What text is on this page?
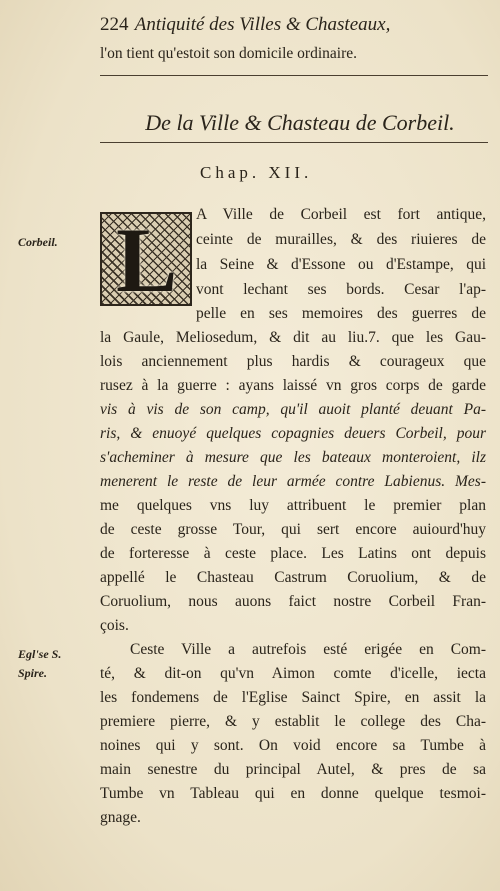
224 Antiquité des Villes & Chasteaux,
l'on tient qu'estoit son domicile ordinaire.
De la Ville & Chasteau de Corbeil.
Chap. XII.
L
Corbeil.
Egl'se S.
Spire.
A Ville de Corbeil est fort antique,
ceinte de murailles, & des riuieres de
la Seine & d'Essone ou d'Estampe, qui
vont lechant ses bords. Cesar l'ap-
pelle en ses memoires des guerres de
la Gaule, Meliosedum, & dit au liu.7. que les Gau-
lois anciennement plus hardis & courageux que
rusez à la guerre : ayans laissé vn gros corps de garde
vis à vis de son camp, qu'il auoit planté deuant Pa-
ris, & enuoyé quelques copagnies deuers Corbeil, pour
s'acheminer à mesure que les bateaux monteroient, ilz
menerent le reste de leur armée contre Labienus. Mes-
me quelques vns luy attribuent le premier plan
de ceste grosse Tour, qui sert encore auiourd'huy
de forteresse à ceste place. Les Latins ont depuis
appellé le Chasteau Castrum Coruolium, & de
Coruolium, nous auons faict nostre Corbeil Fran-
çois.
Ceste Ville a autrefois esté erigée en Com-
té, & dit-on qu'vn Aimon comte d'icelle, iecta
les fondemens de l'Eglise Sainct Spire, en assit la
premiere pierre, & y establit le college des Cha-
noines qui y sont. On void encore sa Tumbe à
main senestre du principal Autel, & pres de sa
Tumbe vn Tableau qui en donne quelque tesmoi-
gnage.
